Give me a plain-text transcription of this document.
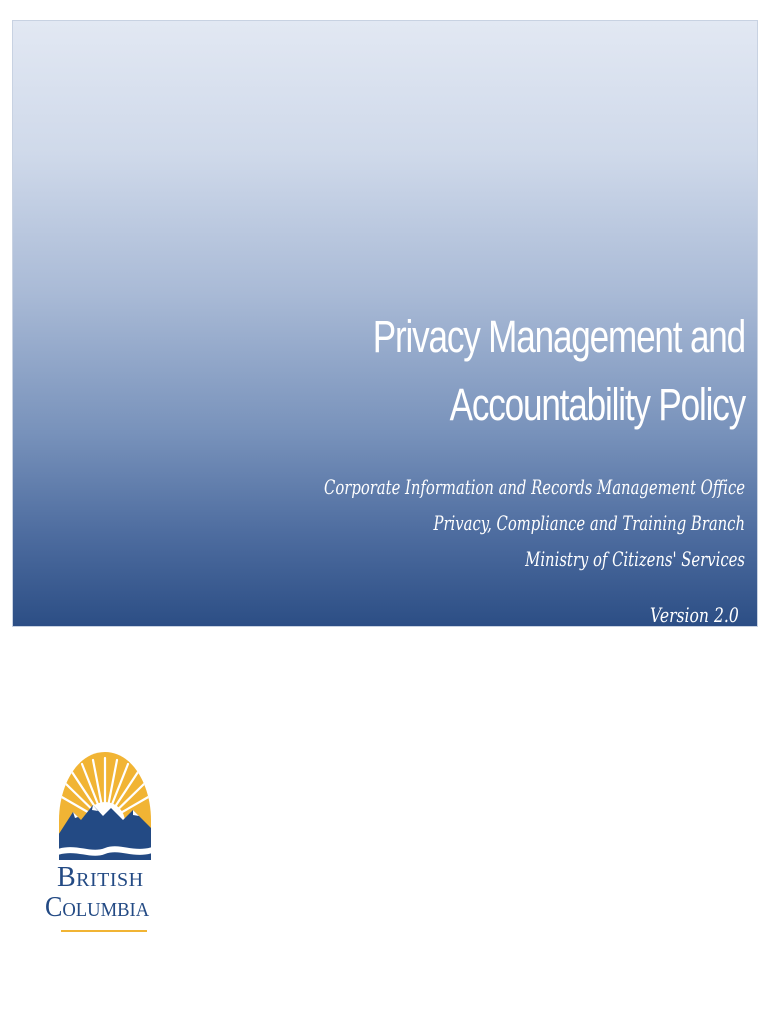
Privacy Management and
Accountability Policy
Corporate Information and Records Management Office
Privacy, Compliance and Training Branch
Ministry of Citizens' Services
Version 2.0
British
Columbia
